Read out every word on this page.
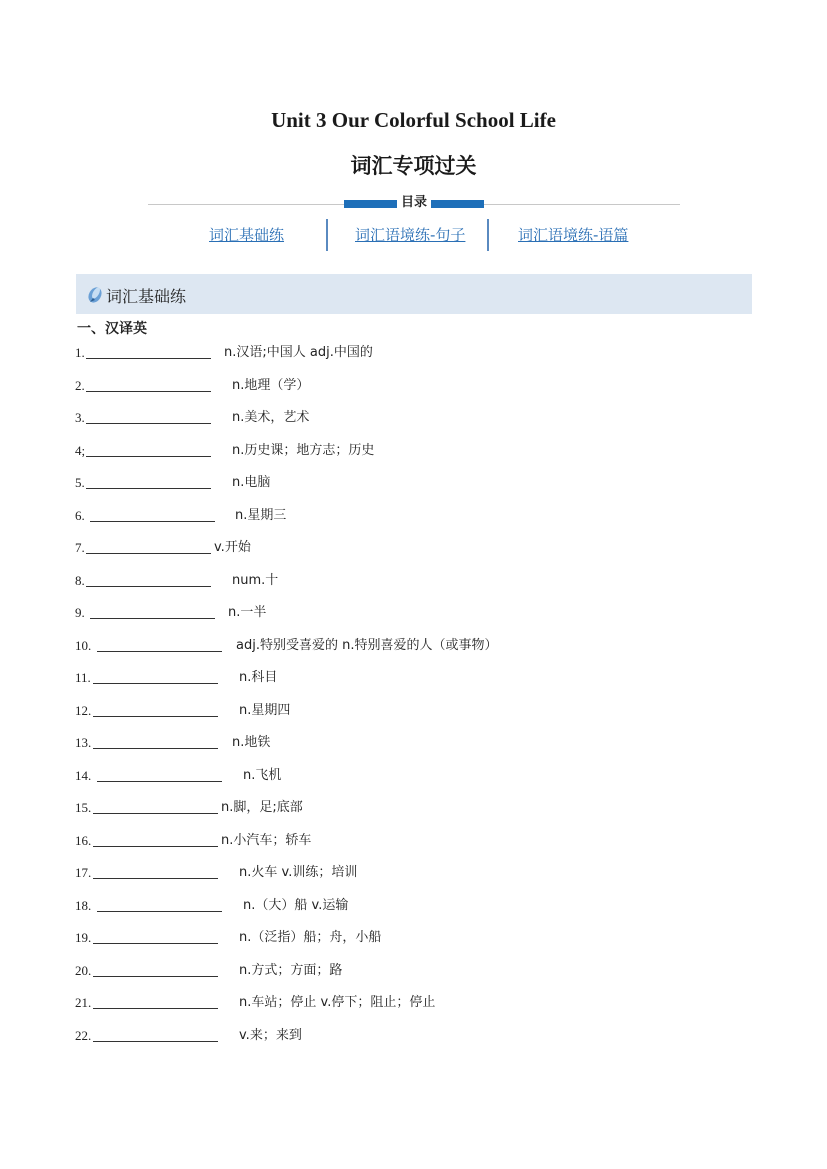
Unit 3 Our Colorful School Life
词汇专项过关
目录
词汇基础练	词汇语境练-句子	词汇语境练-语篇
词汇基础练
一、汉译英
1.	n.汉语;中国人 adj.中国的
2.	n.地理（学）
3.	n.美术，艺术
4;	n.历史课；地方志；历史
5.	n.电脑
6.	n.星期三
7.	v.开始
8.	num.十
9.	n.一半
10.	adj.特别受喜爱的 n.特别喜爱的人（或事物）
11.	n.科目
12.	n.星期四
13.	n.地铁
14.	n.飞机
15.	n.脚，足;底部
16.	n.小汽车；轿车
17.	n.火车 v.训练；培训
18.	n.（大）船 v.运输
19.	n.（泛指）船；舟，小船
20.	n.方式；方面；路
21.	n.车站；停止 v.停下；阻止；停止
22.	v.来；来到
